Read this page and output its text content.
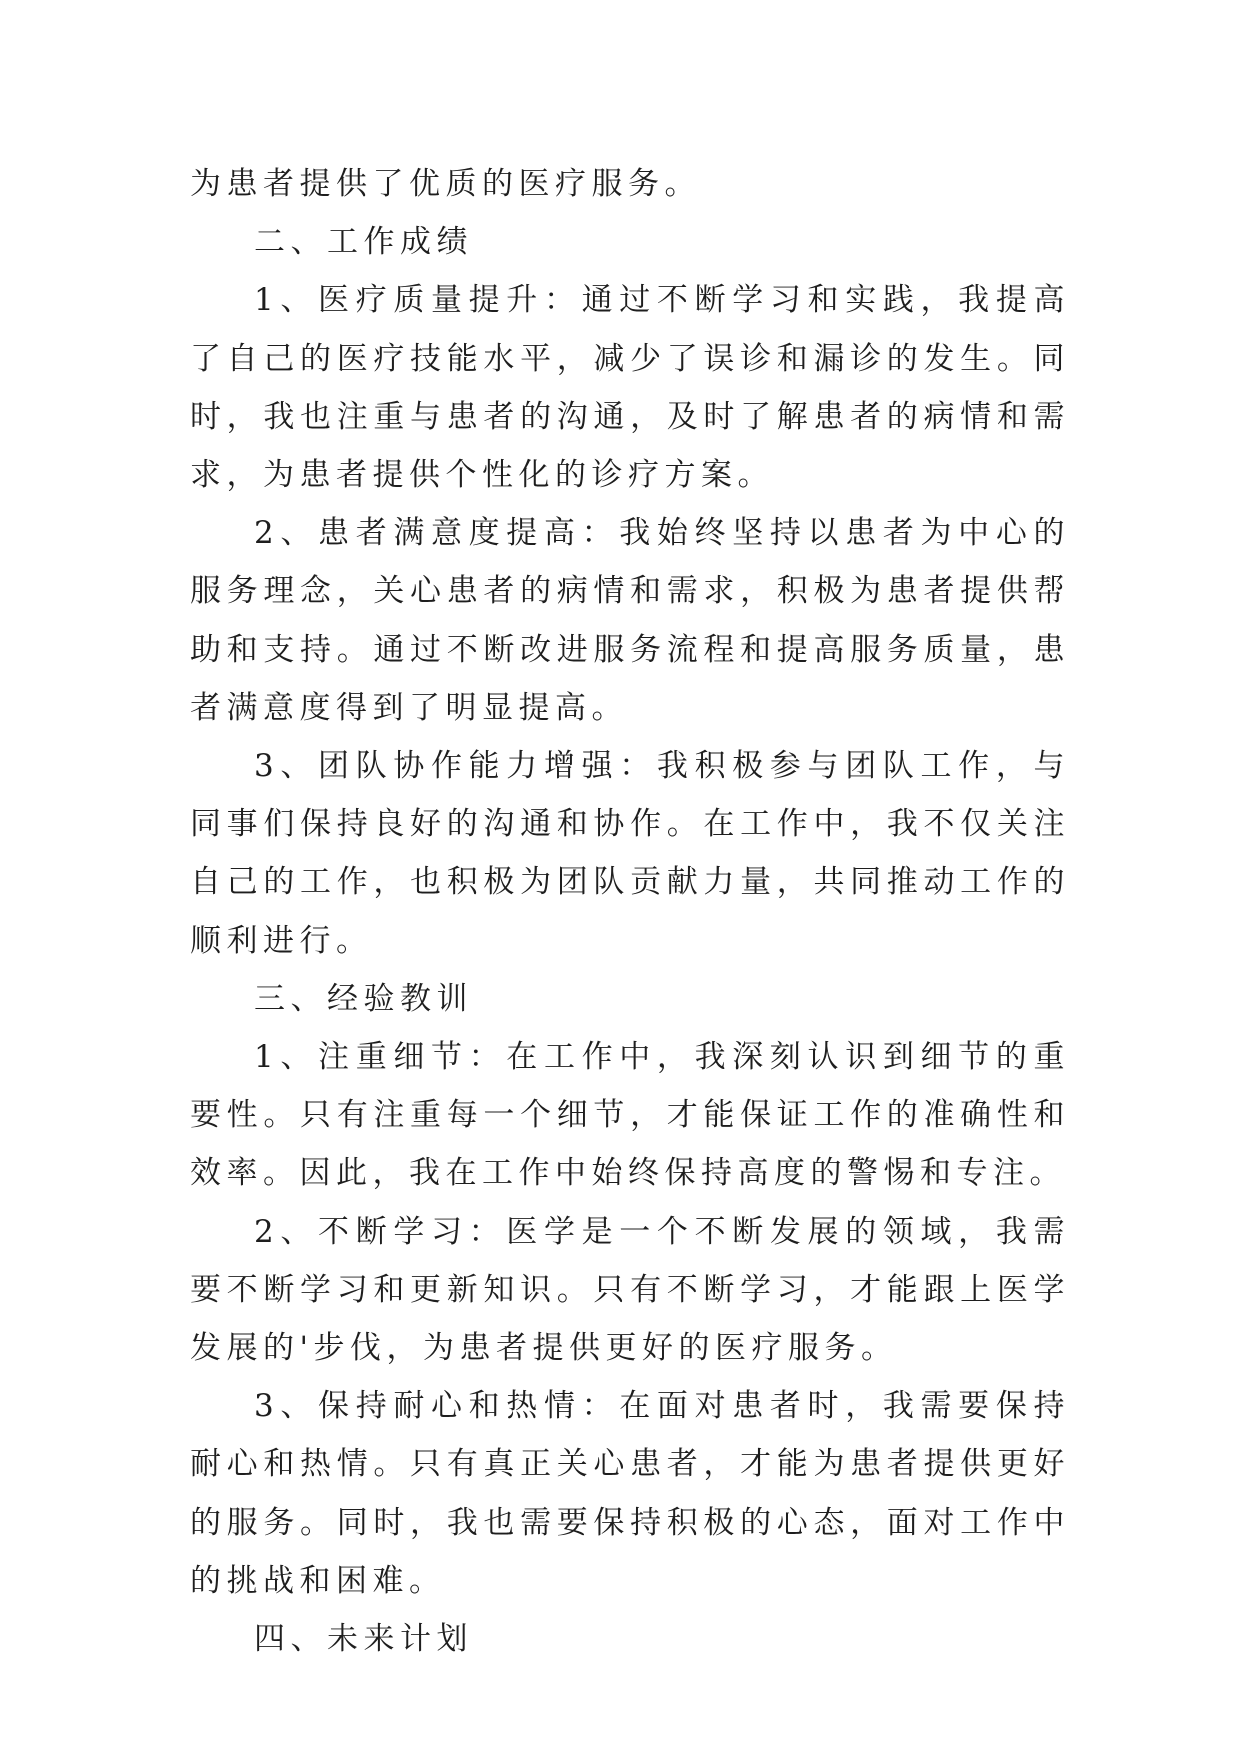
为患者提供了优质的医疗服务。

二、工作成绩

1、医疗质量提升：通过不断学习和实践，我提高了自己的医疗技能水平，减少了误诊和漏诊的发生。同时，我也注重与患者的沟通，及时了解患者的病情和需求，为患者提供个性化的诊疗方案。

2、患者满意度提高：我始终坚持以患者为中心的服务理念，关心患者的病情和需求，积极为患者提供帮助和支持。通过不断改进服务流程和提高服务质量，患者满意度得到了明显提高。

3、团队协作能力增强：我积极参与团队工作，与同事们保持良好的沟通和协作。在工作中，我不仅关注自己的工作，也积极为团队贡献力量，共同推动工作的顺利进行。

三、经验教训

1、注重细节：在工作中，我深刻认识到细节的重要性。只有注重每一个细节，才能保证工作的准确性和效率。因此，我在工作中始终保持高度的警惕和专注。

2、不断学习：医学是一个不断发展的领域，我需要不断学习和更新知识。只有不断学习，才能跟上医学发展的'步伐，为患者提供更好的医疗服务。

3、保持耐心和热情：在面对患者时，我需要保持耐心和热情。只有真正关心患者，才能为患者提供更好的服务。同时，我也需要保持积极的心态，面对工作中的挑战和困难。

四、未来计划
